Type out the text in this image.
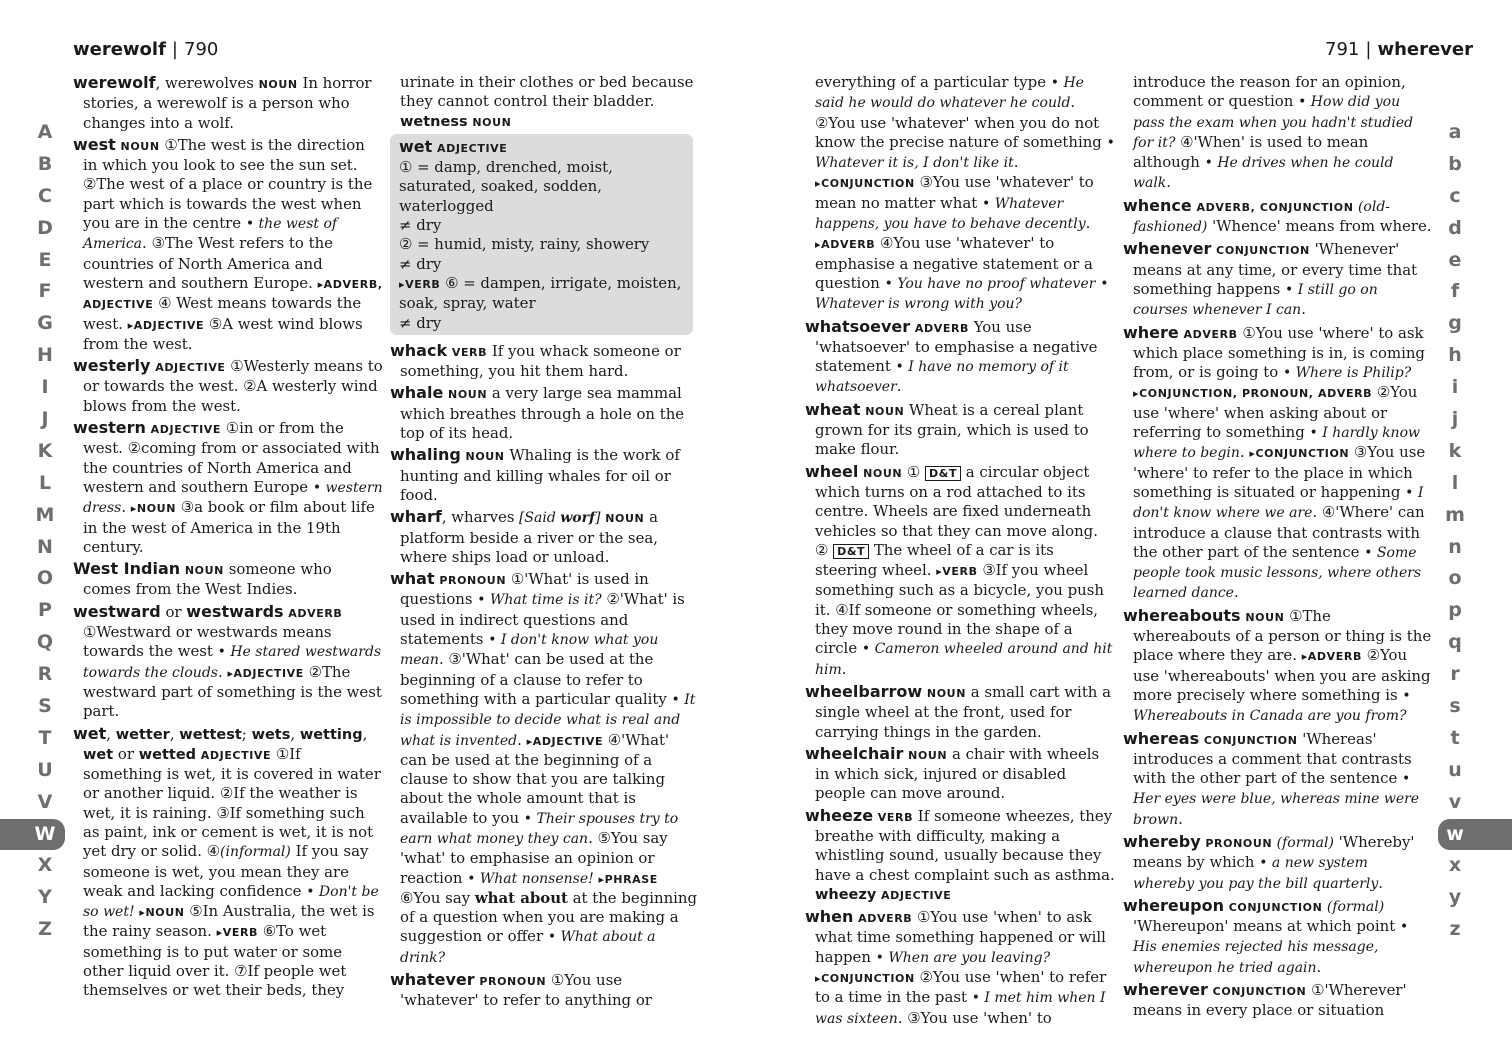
werewolf | 790	791 | wherever
A
B
C
D
E
F
G
H
I
J
K
L
M
N
O
P
Q
R
S
T
U
V
W
X
Y
Z
a
b
c
d
e
f
g
h
i
j
k
l
m
n
o
p
q
r
s
t
u
v
w
x
y
z

werewolf, werewolves NOUN In horror stories, a werewolf is a person who changes into a wolf.

west NOUN ①The west is the direction in which you look to see the sun set. ②The west of a place or country is the part which is towards the west when you are in the centre • the west of America. ③The West refers to the countries of North America and western and southern Europe. ▸ADVERB, ADJECTIVE ④ West means towards the west. ▸ADJECTIVE ⑤A west wind blows from the west.

westerly ADJECTIVE ①Westerly means to or towards the west. ②A westerly wind blows from the west.

western ADJECTIVE ①in or from the west. ②coming from or associated with the countries of North America and western and southern Europe • western dress. ▸NOUN ③a book or film about life in the west of America in the 19th century.

West Indian NOUN someone who comes from the West Indies.

westward or westwards ADVERB ①Westward or westwards means towards the west • He stared westwards towards the clouds. ▸ADJECTIVE ②The westward part of something is the west part.

wet, wetter, wettest; wets, wetting, wet or wetted ADJECTIVE ①If something is wet, it is covered in water or another liquid. ②If the weather is wet, it is raining. ③If something such as paint, ink or cement is wet, it is not yet dry or solid. ④(informal) If you say someone is wet, you mean they are weak and lacking confidence • Don't be so wet! ▸NOUN ⑤In Australia, the wet is the rainy season. ▸VERB ⑥To wet something is to put water or some other liquid over it. ⑦If people wet themselves or wet their beds, they

urinate in their clothes or bed because they cannot control their bladder. wetness NOUN

wet ADJECTIVE
① = damp, drenched, moist, saturated, soaked, sodden, waterlogged
≠ dry
② = humid, misty, rainy, showery
≠ dry
▸VERB ⑥ = dampen, irrigate, moisten, soak, spray, water
≠ dry

whack VERB If you whack someone or something, you hit them hard.

whale NOUN a very large sea mammal which breathes through a hole on the top of its head.

whaling NOUN Whaling is the work of hunting and killing whales for oil or food.

wharf, wharves [Said worf] NOUN a platform beside a river or the sea, where ships load or unload.

what PRONOUN ①'What' is used in questions • What time is it? ②'What' is used in indirect questions and statements • I don't know what you mean. ③'What' can be used at the beginning of a clause to refer to something with a particular quality • It is impossible to decide what is real and what is invented. ▸ADJECTIVE ④'What' can be used at the beginning of a clause to show that you are talking about the whole amount that is available to you • Their spouses try to earn what money they can. ⑤You say 'what' to emphasise an opinion or reaction • What nonsense! ▸PHRASE ⑥You say what about at the beginning of a question when you are making a suggestion or offer • What about a drink?

whatever PRONOUN ①You use 'whatever' to refer to anything or

everything of a particular type • He said he would do whatever he could. ②You use 'whatever' when you do not know the precise nature of something • Whatever it is, I don't like it. ▸CONJUNCTION ③You use 'whatever' to mean no matter what • Whatever happens, you have to behave decently. ▸ADVERB ④You use 'whatever' to emphasise a negative statement or a question • You have no proof whatever • Whatever is wrong with you?

whatsoever ADVERB You use 'whatsoever' to emphasise a negative statement • I have no memory of it whatsoever.

wheat NOUN Wheat is a cereal plant grown for its grain, which is used to make flour.

wheel NOUN ① D&T a circular object which turns on a rod attached to its centre. Wheels are fixed underneath vehicles so that they can move along. ② D&T The wheel of a car is its steering wheel. ▸VERB ③If you wheel something such as a bicycle, you push it. ④If someone or something wheels, they move round in the shape of a circle • Cameron wheeled around and hit him.

wheelbarrow NOUN a small cart with a single wheel at the front, used for carrying things in the garden.

wheelchair NOUN a chair with wheels in which sick, injured or disabled people can move around.

wheeze VERB If someone wheezes, they breathe with difficulty, making a whistling sound, usually because they have a chest complaint such as asthma. wheezy ADJECTIVE

when ADVERB ①You use 'when' to ask what time something happened or will happen • When are you leaving? ▸CONJUNCTION ②You use 'when' to refer to a time in the past • I met him when I was sixteen. ③You use 'when' to

introduce the reason for an opinion, comment or question • How did you pass the exam when you hadn't studied for it? ④'When' is used to mean although • He drives when he could walk.

whence ADVERB, CONJUNCTION (old-fashioned) 'Whence' means from where.

whenever CONJUNCTION 'Whenever' means at any time, or every time that something happens • I still go on courses whenever I can.

where ADVERB ①You use 'where' to ask which place something is in, is coming from, or is going to • Where is Philip? ▸CONJUNCTION, PRONOUN, ADVERB ②You use 'where' when asking about or referring to something • I hardly know where to begin. ▸CONJUNCTION ③You use 'where' to refer to the place in which something is situated or happening • I don't know where we are. ④'Where' can introduce a clause that contrasts with the other part of the sentence • Some people took music lessons, where others learned dance.

whereabouts NOUN ①The whereabouts of a person or thing is the place where they are. ▸ADVERB ②You use 'whereabouts' when you are asking more precisely where something is • Whereabouts in Canada are you from?

whereas CONJUNCTION 'Whereas' introduces a comment that contrasts with the other part of the sentence • Her eyes were blue, whereas mine were brown.

whereby PRONOUN (formal) 'Whereby' means by which • a new system whereby you pay the bill quarterly.

whereupon CONJUNCTION (formal) 'Whereupon' means at which point • His enemies rejected his message, whereupon he tried again.

wherever CONJUNCTION ①'Wherever' means in every place or situation
